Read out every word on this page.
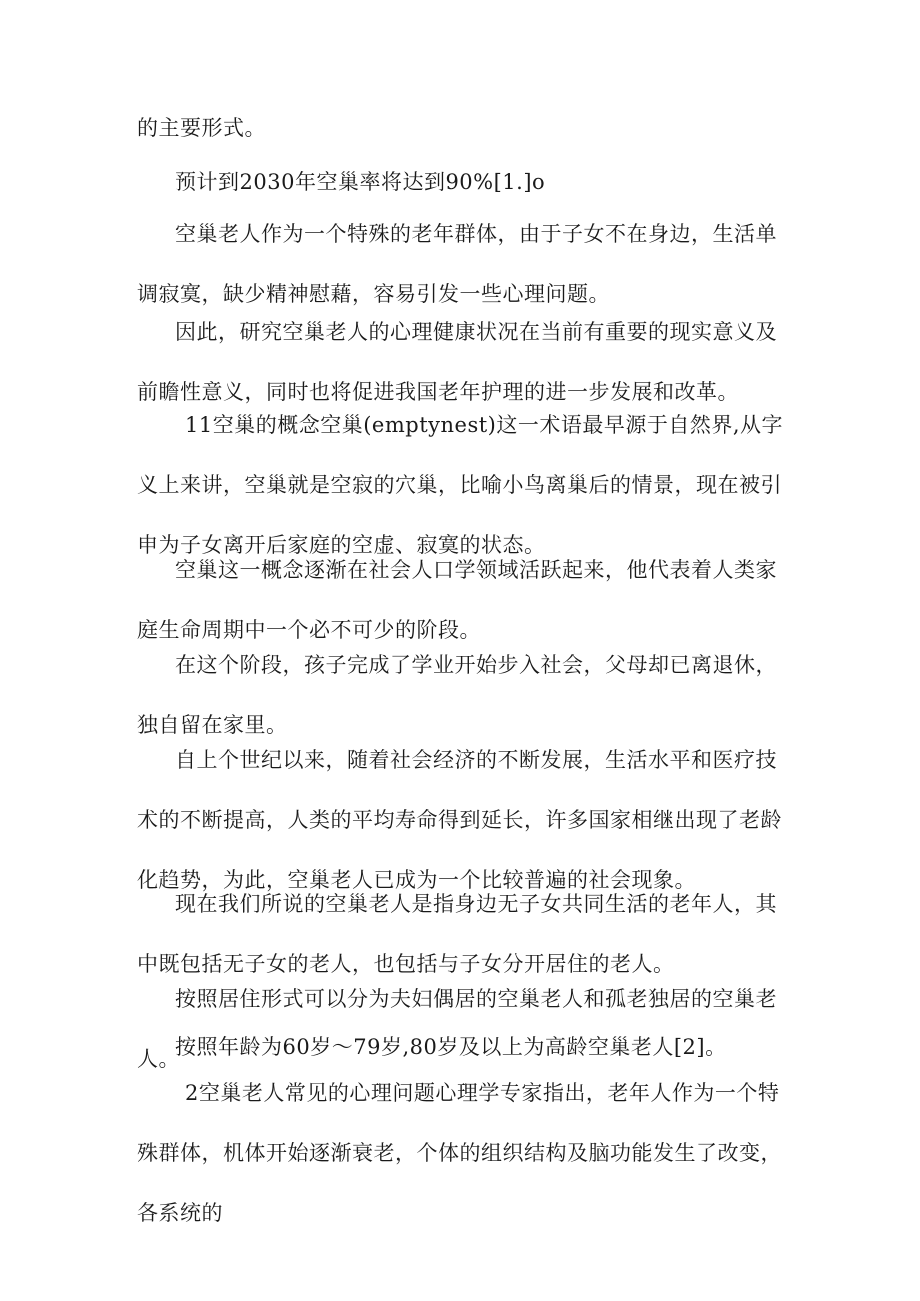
的主要形式。

预计到2030年空巢率将达到90%[1.]o

空巢老人作为一个特殊的老年群体，由于子女不在身边，生活单调寂寞，缺少精神慰藉，容易引发一些心理问题。

因此，研究空巢老人的心理健康状况在当前有重要的现实意义及前瞻性意义，同时也将促进我国老年护理的进一步发展和改革。

11空巢的概念空巢(emptynest)这一术语最早源于自然界,从字义上来讲，空巢就是空寂的穴巢，比喻小鸟离巢后的情景，现在被引申为子女离开后家庭的空虚、寂寞的状态。

空巢这一概念逐渐在社会人口学领域活跃起来，他代表着人类家庭生命周期中一个必不可少的阶段。

在这个阶段，孩子完成了学业开始步入社会，父母却已离退休，独自留在家里。

自上个世纪以来，随着社会经济的不断发展，生活水平和医疗技术的不断提高，人类的平均寿命得到延长，许多国家相继出现了老龄化趋势，为此，空巢老人已成为一个比较普遍的社会现象。

现在我们所说的空巢老人是指身边无子女共同生活的老年人，其中既包括无子女的老人，也包括与子女分开居住的老人。

按照居住形式可以分为夫妇偶居的空巢老人和孤老独居的空巢老人。

按照年龄为60岁～79岁,80岁及以上为高龄空巢老人[2]。

2空巢老人常见的心理问题心理学专家指出，老年人作为一个特殊群体，机体开始逐渐衰老，个体的组织结构及脑功能发生了改变，各系统的
